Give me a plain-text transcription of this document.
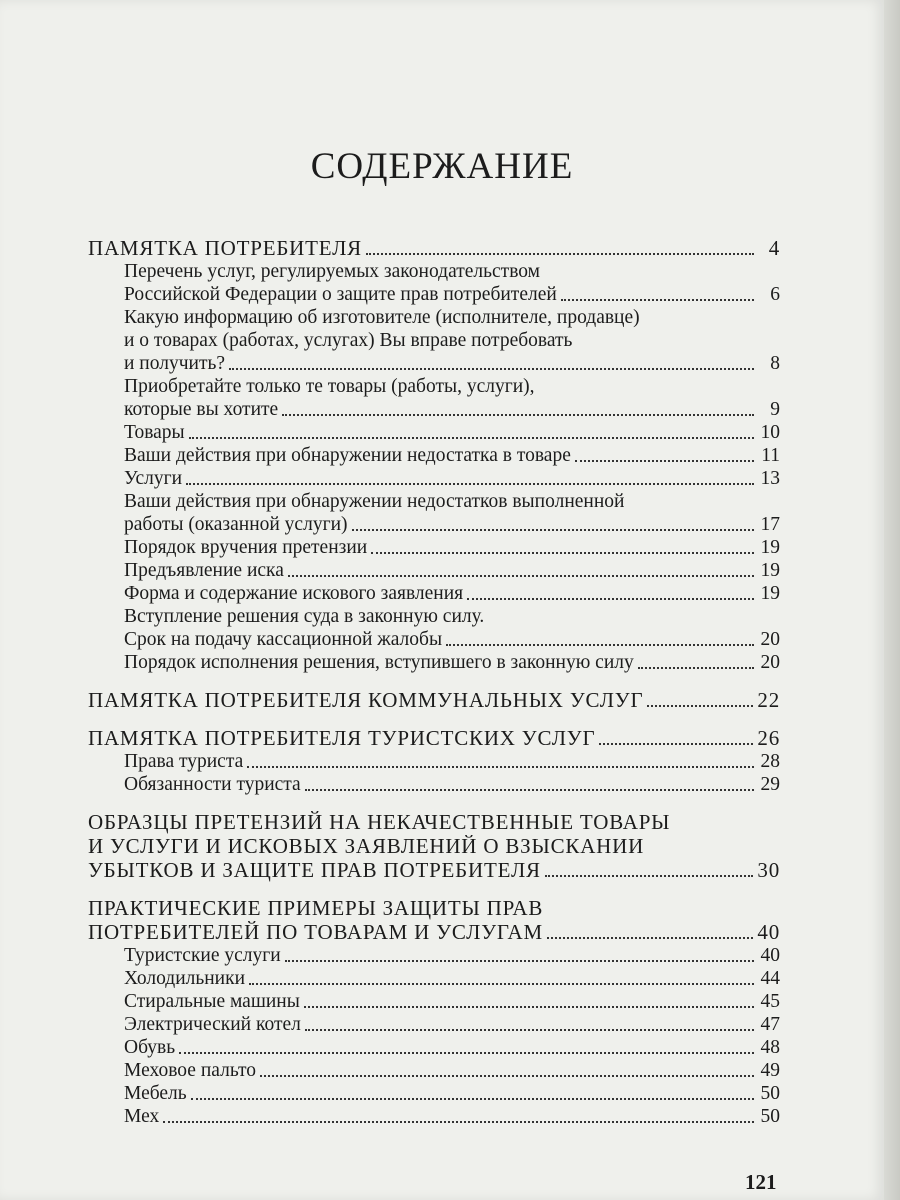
СОДЕРЖАНИЕ
ПАМЯТКА ПОТРЕБИТЕЛЯ	4
Перечень услуг, регулируемых законодательством
Российской Федерации о защите прав потребителей	6
Какую информацию об изготовителе (исполнителе, продавце)
и о товарах (работах, услугах) Вы вправе потребовать
и получить?	8
Приобретайте только те товары (работы, услуги),
которые вы хотите	9
Товары	10
Ваши действия при обнаружении недостатка в товаре	11
Услуги	13
Ваши действия при обнаружении недостатков выполненной
работы (оказанной услуги)	17
Порядок вручения претензии	19
Предъявление иска	19
Форма и содержание искового заявления	19
Вступление решения суда в законную силу.
Срок на подачу кассационной жалобы	20
Порядок исполнения решения, вступившего в законную силу	20
ПАМЯТКА ПОТРЕБИТЕЛЯ КОММУНАЛЬНЫХ УСЛУГ	22
ПАМЯТКА ПОТРЕБИТЕЛЯ ТУРИСТСКИХ УСЛУГ	26
Права туриста	28
Обязанности туриста	29
ОБРАЗЦЫ ПРЕТЕНЗИЙ НА НЕКАЧЕСТВЕННЫЕ ТОВАРЫ
И УСЛУГИ И ИСКОВЫХ ЗАЯВЛЕНИЙ О ВЗЫСКАНИИ
УБЫТКОВ И ЗАЩИТЕ ПРАВ ПОТРЕБИТЕЛЯ	30
ПРАКТИЧЕСКИЕ ПРИМЕРЫ ЗАЩИТЫ ПРАВ
ПОТРЕБИТЕЛЕЙ ПО ТОВАРАМ И УСЛУГАМ	40
Туристские услуги	40
Холодильники	44
Стиральные машины	45
Электрический котел	47
Обувь	48
Меховое пальто	49
Мебель	50
Мех	50
121
